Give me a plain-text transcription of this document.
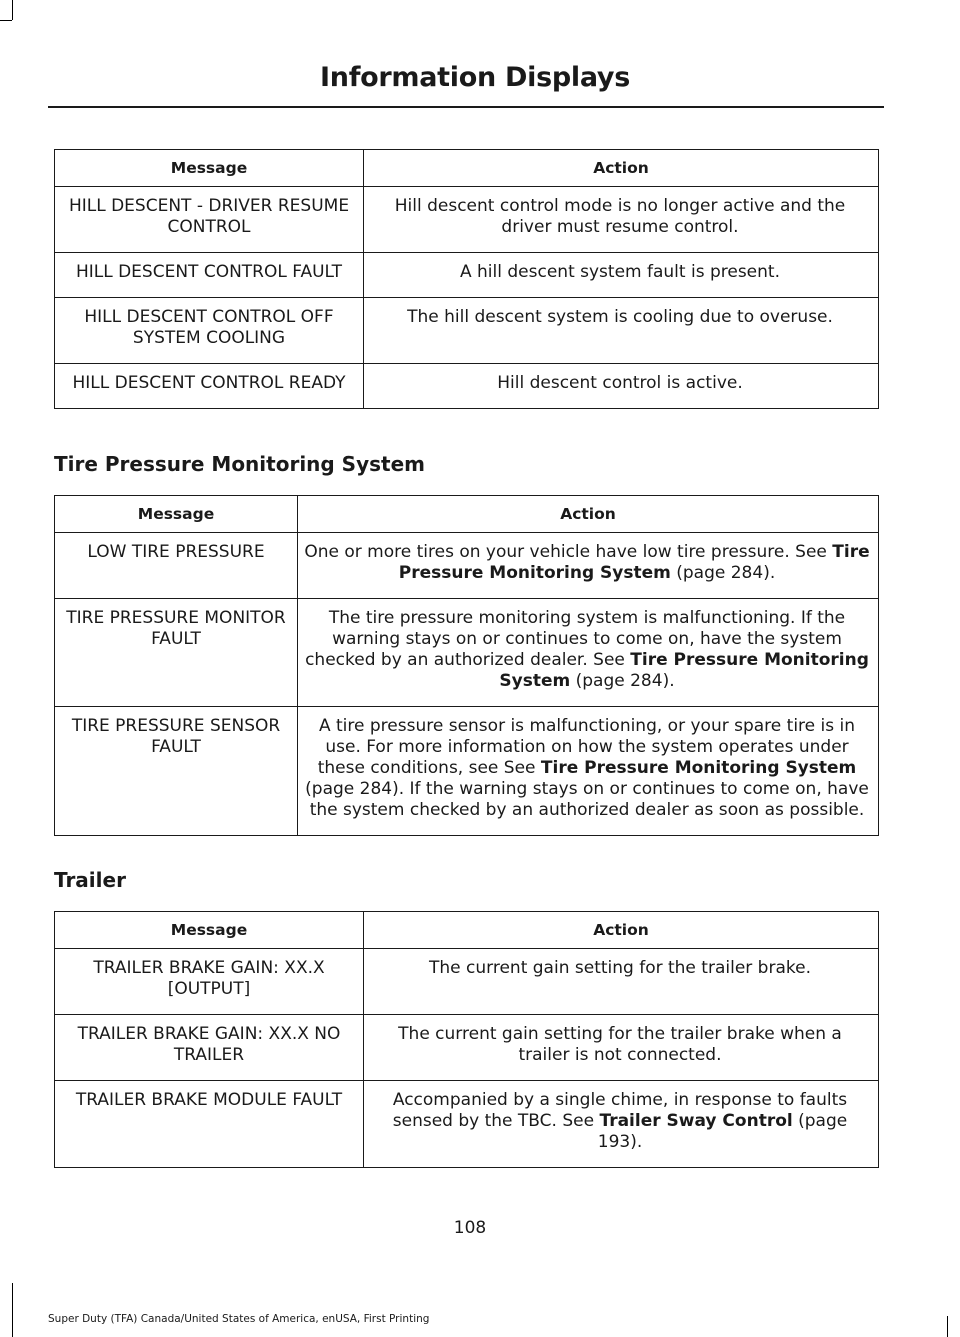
Information Displays
Message	Action
HILL DESCENT - DRIVER RESUME CONTROL	Hill descent control mode is no longer active and the driver must resume control.
HILL DESCENT CONTROL FAULT	A hill descent system fault is present.
HILL DESCENT CONTROL OFF SYSTEM COOLING	The hill descent system is cooling due to overuse.
HILL DESCENT CONTROL READY	Hill descent control is active.
Tire Pressure Monitoring System
Message	Action
LOW TIRE PRESSURE	One or more tires on your vehicle have low tire pressure. See Tire Pressure Monitoring System (page 284).
TIRE PRESSURE MONITOR FAULT	The tire pressure monitoring system is malfunctioning. If the warning stays on or continues to come on, have the system checked by an authorized dealer. See Tire Pressure Monitoring System (page 284).
TIRE PRESSURE SENSOR FAULT	A tire pressure sensor is malfunctioning, or your spare tire is in use. For more information on how the system operates under these conditions, see See Tire Pressure Monitoring System (page 284). If the warning stays on or continues to come on, have the system checked by an authorized dealer as soon as possible.
Trailer
Message	Action
TRAILER BRAKE GAIN: XX.X [OUTPUT]	The current gain setting for the trailer brake.
TRAILER BRAKE GAIN: XX.X NO TRAILER	The current gain setting for the trailer brake when a trailer is not connected.
TRAILER BRAKE MODULE FAULT	Accompanied by a single chime, in response to faults sensed by the TBC. See Trailer Sway Control (page 193).
108
Super Duty (TFA) Canada/United States of America, enUSA, First Printing
